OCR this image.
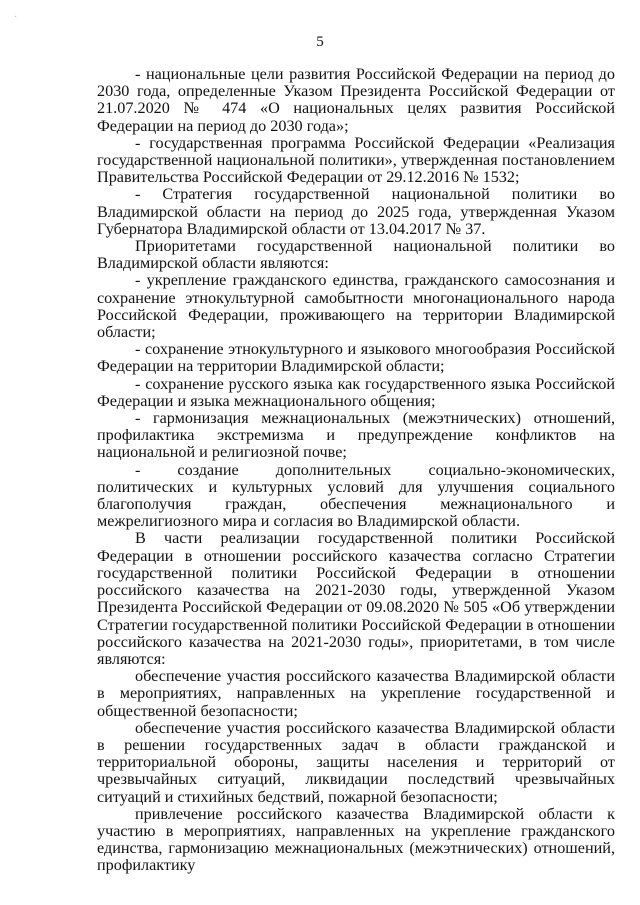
·
5

- национальные цели развития Российской Федерации на период до 2030 года, определенные Указом Президента Российской Федерации от 21.07.2020 № 474 «О национальных целях развития Российской Федерации на период до 2030 года»;

- государственная программа Российской Федерации «Реализация государственной национальной политики», утвержденная постановлением Правительства Российской Федерации от 29.12.2016 № 1532;

- Стратегия государственной национальной политики во Владимирской области на период до 2025 года, утвержденная Указом Губернатора Владимирской области от 13.04.2017 № 37.

Приоритетами государственной национальной политики во Владимирской области являются:

- укрепление гражданского единства, гражданского самосознания и сохранение этнокультурной самобытности многонационального народа Российской Федерации, проживающего на территории Владимирской области;

- сохранение этнокультурного и языкового многообразия Российской Федерации на территории Владимирской области;

- сохранение русского языка как государственного языка Российской Федерации и языка межнационального общения;

- гармонизация межнациональных (межэтнических) отношений, профилактика экстремизма и предупреждение конфликтов на национальной и религиозной почве;

- создание дополнительных социально-экономических, политических и культурных условий для улучшения социального благополучия граждан, обеспечения межнационального и межрелигиозного мира и согласия во Владимирской области.

В части реализации государственной политики Российской Федерации в отношении российского казачества согласно Стратегии государственной политики Российской Федерации в отношении российского казачества на 2021-2030 годы, утвержденной Указом Президента Российской Федерации от 09.08.2020 № 505 «Об утверждении Стратегии государственной политики Российской Федерации в отношении российского казачества на 2021-2030 годы», приоритетами, в том числе являются:

обеспечение участия российского казачества Владимирской области в мероприятиях, направленных на укрепление государственной и общественной безопасности;

обеспечение участия российского казачества Владимирской области в решении государственных задач в области гражданской и территориальной обороны, защиты населения и территорий от чрезвычайных ситуаций, ликвидации последствий чрезвычайных ситуаций и стихийных бедствий, пожарной безопасности;

привлечение российского казачества Владимирской области к участию в мероприятиях, направленных на укрепление гражданского единства, гармонизацию межнациональных (межэтнических) отношений, профилактику
